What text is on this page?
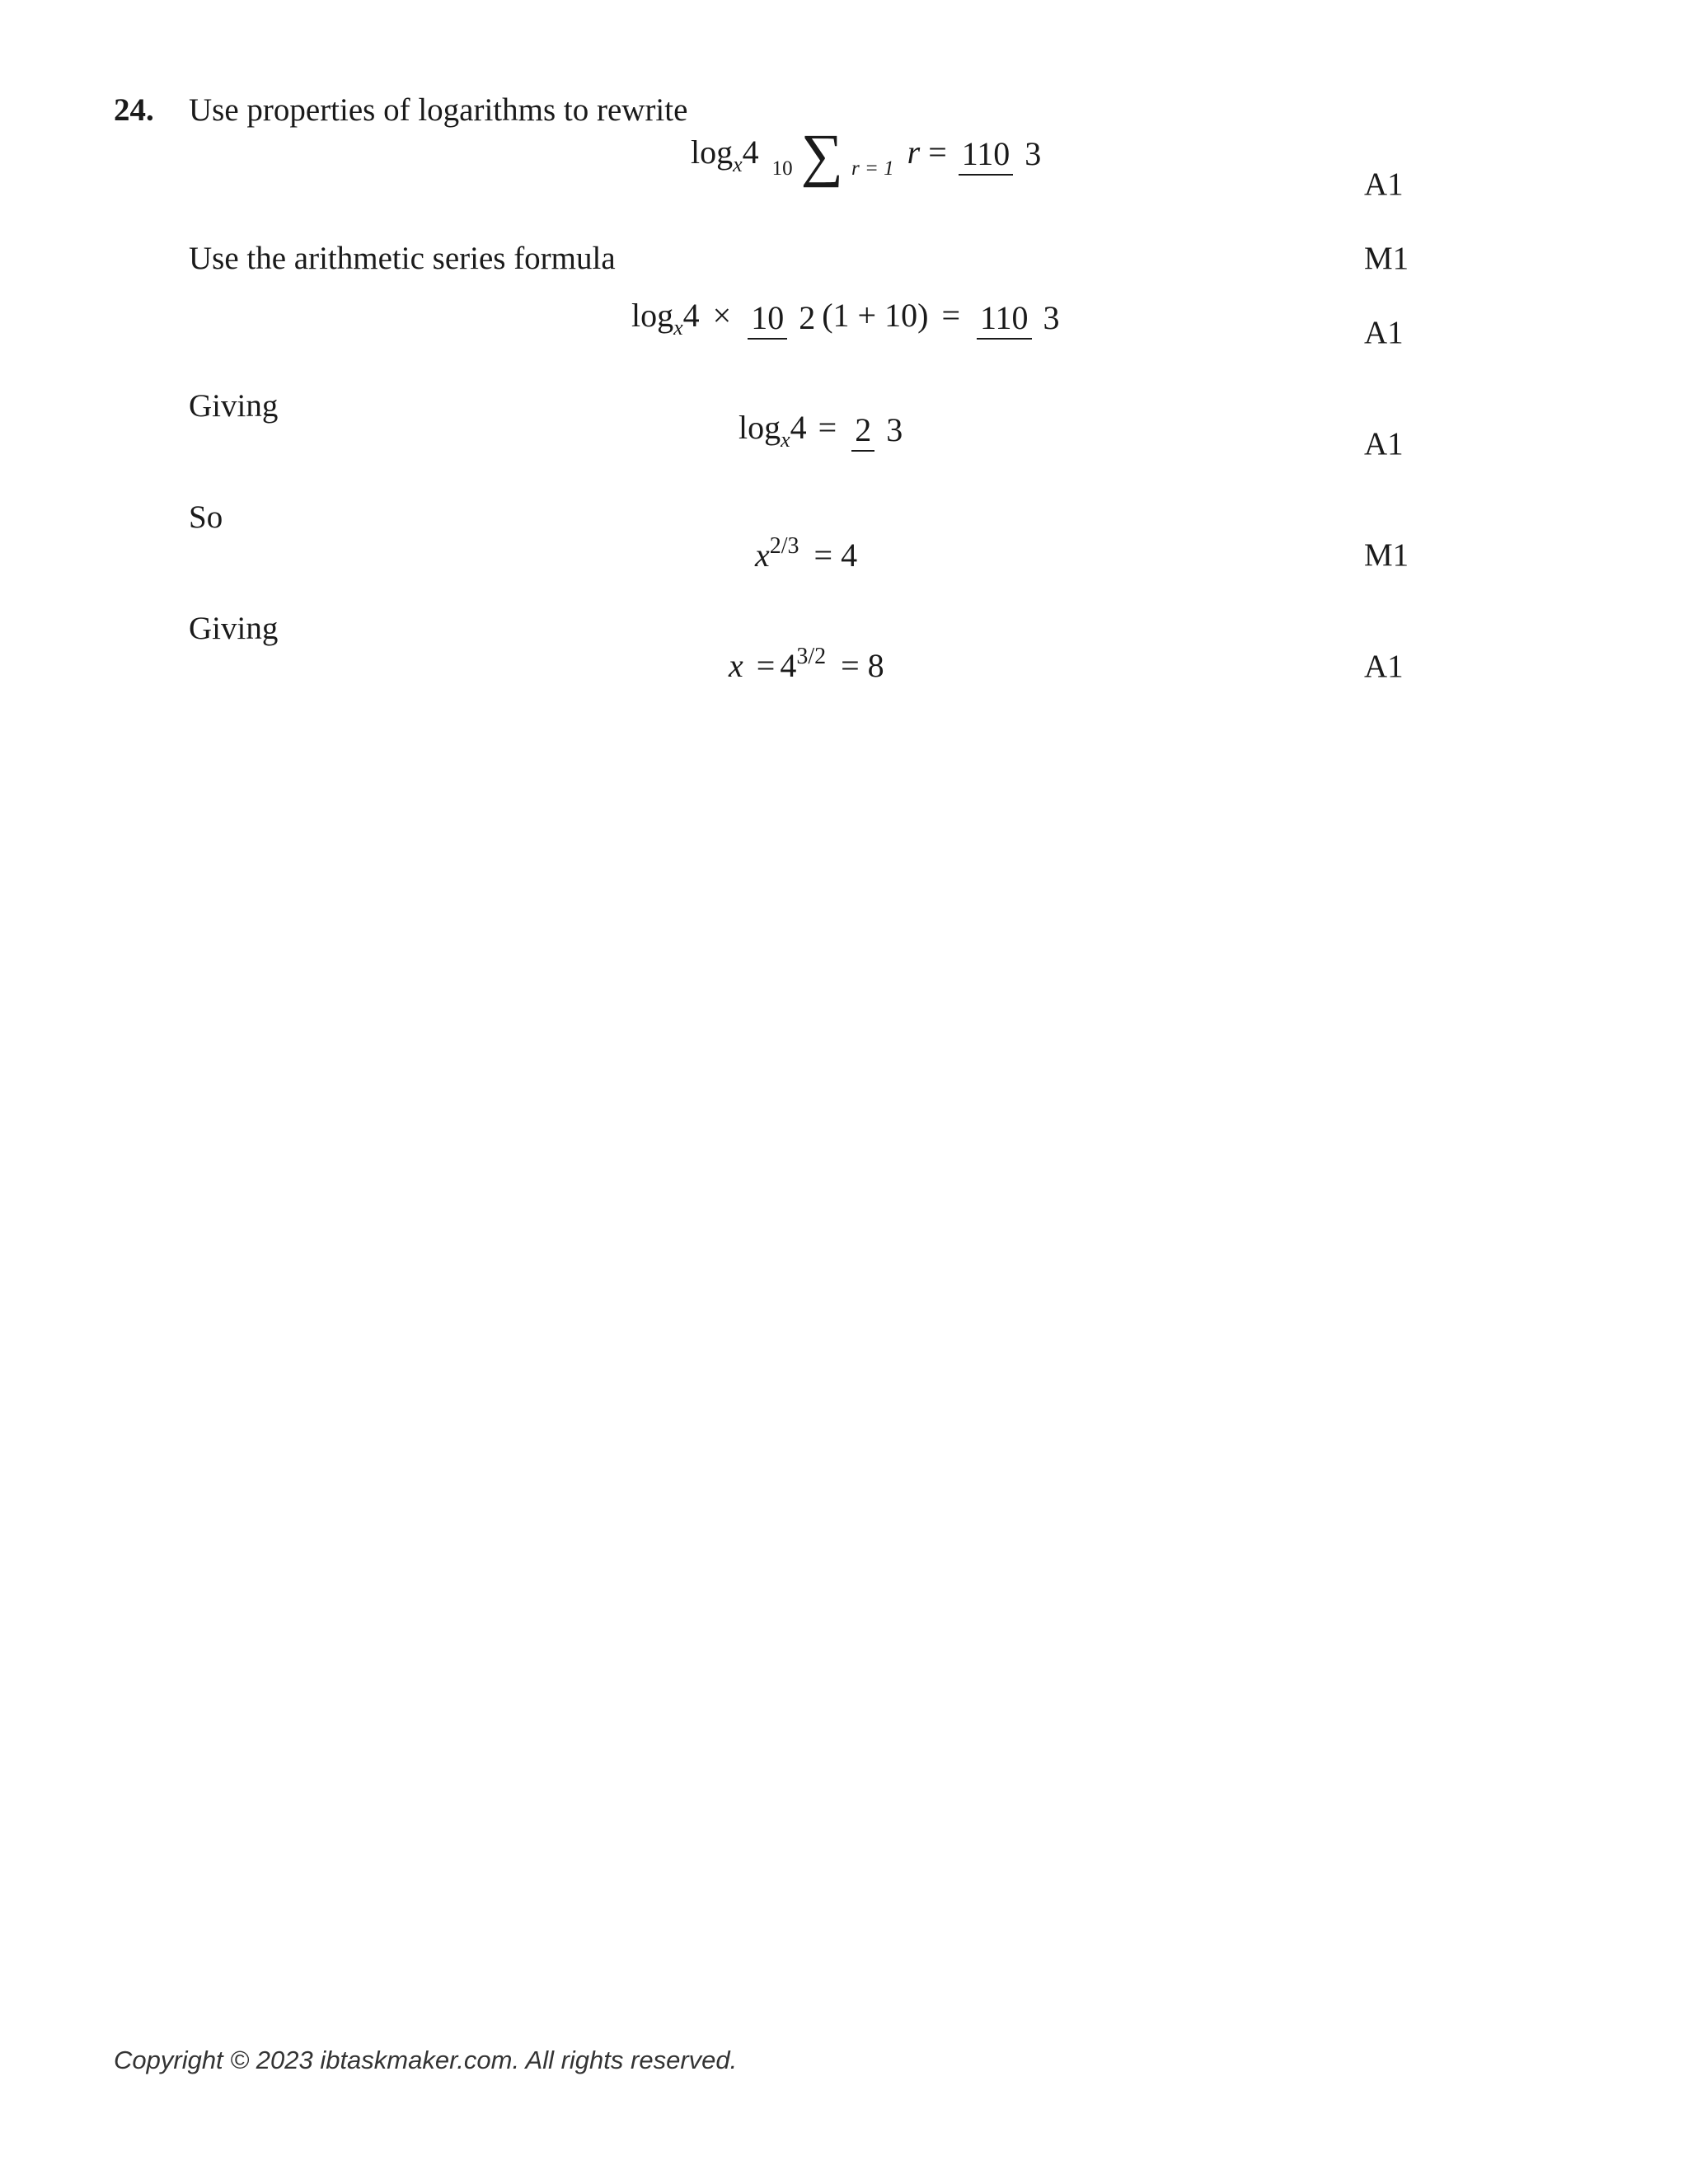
24. Use properties of logarithms to rewrite
Use the arithmetic series formula
Giving
So
Giving
logx4 10 ∑ r = 1 r = 110 3
logx4 × 10 2 (1 + 10) = 110 3
logx4 = 2 3
x2/3 = 4
x = 43/2 = 8
A1
M1
A1
A1
M1
A1
Copyright © 2023 ibtaskmaker.com. All rights reserved.
